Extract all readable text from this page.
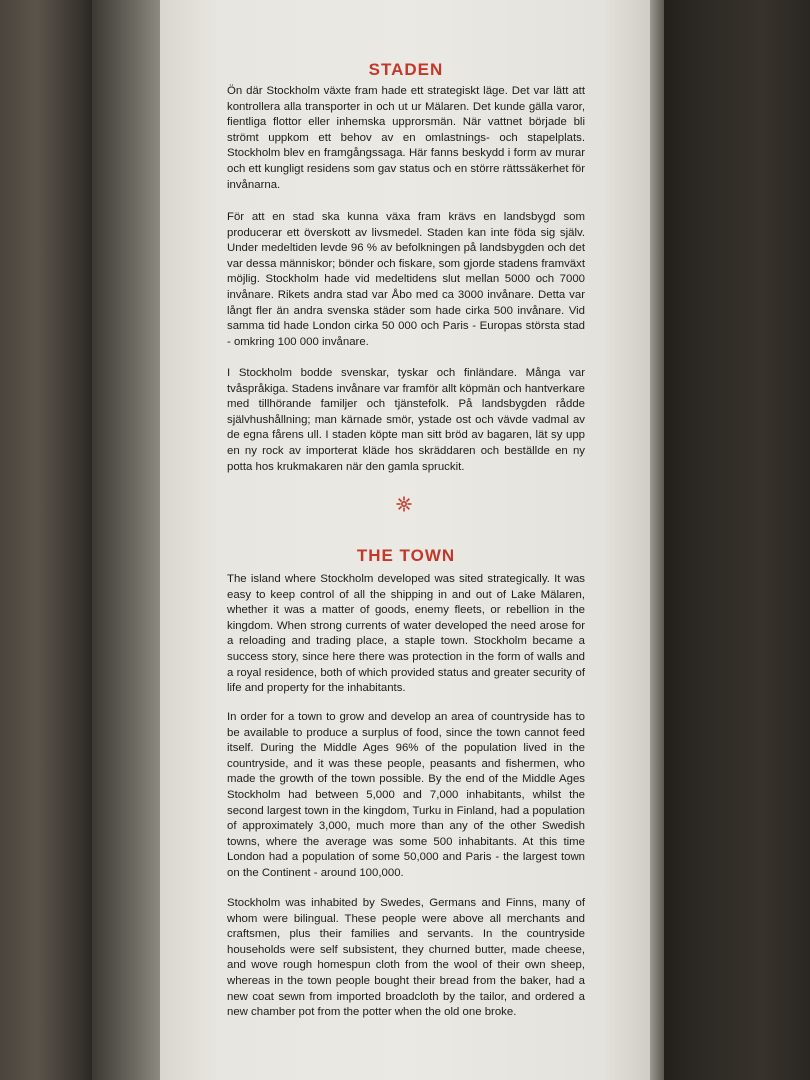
STADEN

Ön där Stockholm växte fram hade ett strategiskt läge. Det var lätt att kontrollera alla transporter in och ut ur Mälaren. Det kunde gälla varor, fientliga flottor eller inhemska upprorsmän. När vattnet började bli strömt uppkom ett behov av en omlastnings- och stapelplats. Stockholm blev en framgångssaga. Här fanns beskydd i form av murar och ett kungligt residens som gav status och en större rättssäkerhet för invånarna.

För att en stad ska kunna växa fram krävs en landsbygd som producerar ett överskott av livsmedel. Staden kan inte föda sig själv. Under medeltiden levde 96 % av befolkningen på landsbygden och det var dessa människor; bönder och fiskare, som gjorde stadens framväxt möjlig. Stockholm hade vid medeltidens slut mellan 5000 och 7000 invånare. Rikets andra stad var Åbo med ca 3000 invånare. Detta var långt fler än andra svenska städer som hade cirka 500 invånare. Vid samma tid hade London cirka 50 000 och Paris - Europas största stad - omkring 100 000 invånare.

I Stockholm bodde svenskar, tyskar och finländare. Många var tvåspråkiga. Stadens invånare var framför allt köpmän och hantverkare med tillhörande familjer och tjänstefolk. På landsbygden rådde självhushållning; man kärnade smör, ystade ost och vävde vadmal av de egna fårens ull. I staden köpte man sitt bröd av bagaren, lät sy upp en ny rock av importerat kläde hos skräddaren och beställde en ny potta hos krukmakaren när den gamla spruckit.

THE TOWN

The island where Stockholm developed was sited strategically. It was easy to keep control of all the shipping in and out of Lake Mälaren, whether it was a matter of goods, enemy fleets, or rebellion in the kingdom. When strong currents of water developed the need arose for a reloading and trading place, a staple town. Stockholm became a success story, since here there was protection in the form of walls and a royal residence, both of which provided status and greater security of life and property for the inhabitants.

In order for a town to grow and develop an area of countryside has to be available to produce a surplus of food, since the town cannot feed itself. During the Middle Ages 96% of the population lived in the countryside, and it was these people, peasants and fishermen, who made the growth of the town possible. By the end of the Middle Ages Stockholm had between 5,000 and 7,000 inhabitants, whilst the second largest town in the kingdom, Turku in Finland, had a population of approximately 3,000, much more than any of the other Swedish towns, where the average was some 500 inhabitants. At this time London had a population of some 50,000 and Paris - the largest town on the Continent - around 100,000.

Stockholm was inhabited by Swedes, Germans and Finns, many of whom were bilingual. These people were above all merchants and craftsmen, plus their families and servants. In the countryside households were self subsistent, they churned butter, made cheese, and wove rough homespun cloth from the wool of their own sheep, whereas in the town people bought their bread from the baker, had a new coat sewn from imported broadcloth by the tailor, and ordered a new chamber pot from the potter when the old one broke.
